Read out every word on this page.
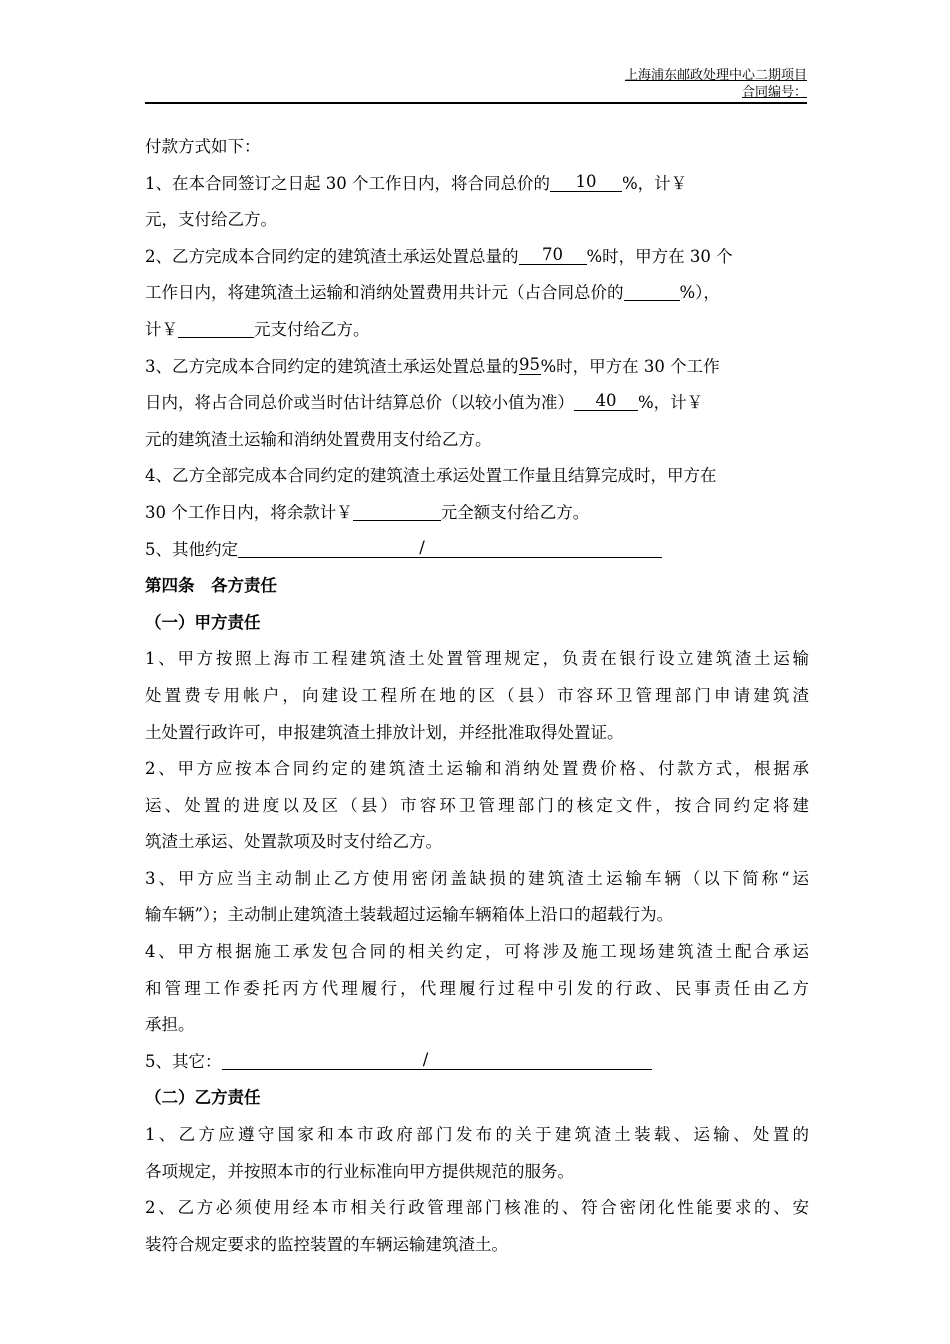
上海浦东邮政处理中心二期项目
合同编号：
付款方式如下：
1、在本合同签订之日起 30 个工作日内，将合同总价的	10	%，计￥
元，支付给乙方。
2、乙方完成本合同约定的建筑渣土承运处置总量的	70	%时，甲方在 30 个
工作日内，将建筑渣土运输和消纳处置费用共计元（占合同总价的	%），
计￥	元支付给乙方。
3、乙方完成本合同约定的建筑渣土承运处置总量的 95 %时，甲方在 30 个工作
日内，将占合同总价或当时估计结算总价（以较小值为准）	40	%，计￥
元的建筑渣土运输和消纳处置费用支付给乙方。
4、乙方全部完成本合同约定的建筑渣土承运处置工作量且结算完成时，甲方在
30 个工作日内，将余款计￥	元全额支付给乙方。
5、其他约定	/
第四条　各方责任
（一）甲方责任
1、甲方按照上海市工程建筑渣土处置管理规定，负责在银行设立建筑渣土运输
处置费专用帐户，向建设工程所在地的区（县）市容环卫管理部门申请建筑渣
土处置行政许可，申报建筑渣土排放计划，并经批准取得处置证。
2、甲方应按本合同约定的建筑渣土运输和消纳处置费价格、付款方式，根据承
运、处置的进度以及区（县）市容环卫管理部门的核定文件，按合同约定将建
筑渣土承运、处置款项及时支付给乙方。
3、甲方应当主动制止乙方使用密闭盖缺损的建筑渣土运输车辆（以下简称“运
输车辆”）；主动制止建筑渣土装载超过运输车辆箱体上沿口的超载行为。
4、甲方根据施工承发包合同的相关约定，可将涉及施工现场建筑渣土配合承运
和管理工作委托丙方代理履行，代理履行过程中引发的行政、民事责任由乙方
承担。
5、其它：	/
（二）乙方责任
1、乙方应遵守国家和本市政府部门发布的关于建筑渣土装载、运输、处置的
各项规定，并按照本市的行业标准向甲方提供规范的服务。
2、乙方必须使用经本市相关行政管理部门核准的、符合密闭化性能要求的、安
装符合规定要求的监控装置的车辆运输建筑渣土。
